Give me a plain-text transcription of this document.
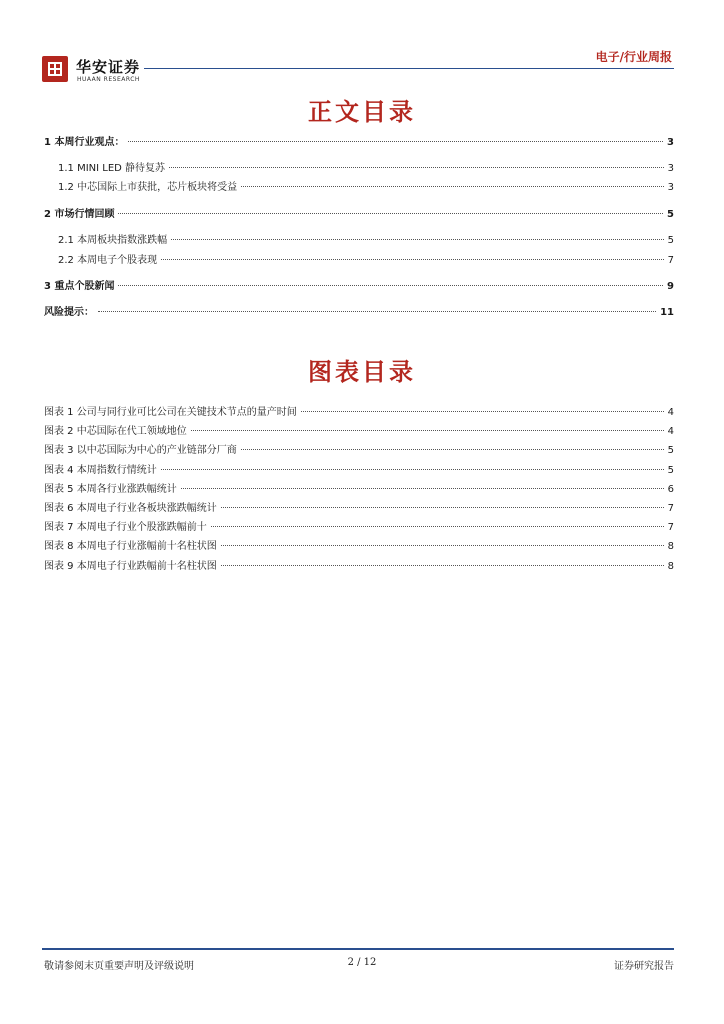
华安证券
HUAAN RESEARCH
电子/行业周报
正文目录
1 本周行业观点：	3
1.1 MINI LED 静待复苏	3
1.2 中芯国际上市获批，芯片板块将受益	3
2 市场行情回顾	5
2.1 本周板块指数涨跌幅	5
2.2 本周电子个股表现	7
3 重点个股新闻	9
风险提示：	11
图表目录
图表 1 公司与同行业可比公司在关键技术节点的量产时间	4
图表 2 中芯国际在代工领域地位	4
图表 3 以中芯国际为中心的产业链部分厂商	5
图表 4 本周指数行情统计	5
图表 5 本周各行业涨跌幅统计	6
图表 6 本周电子行业各板块涨跌幅统计	7
图表 7 本周电子行业个股涨跌幅前十	7
图表 8 本周电子行业涨幅前十名柱状图	8
图表 9 本周电子行业跌幅前十名柱状图	8
敬请参阅末页重要声明及评级说明	2 / 12	证券研究报告
